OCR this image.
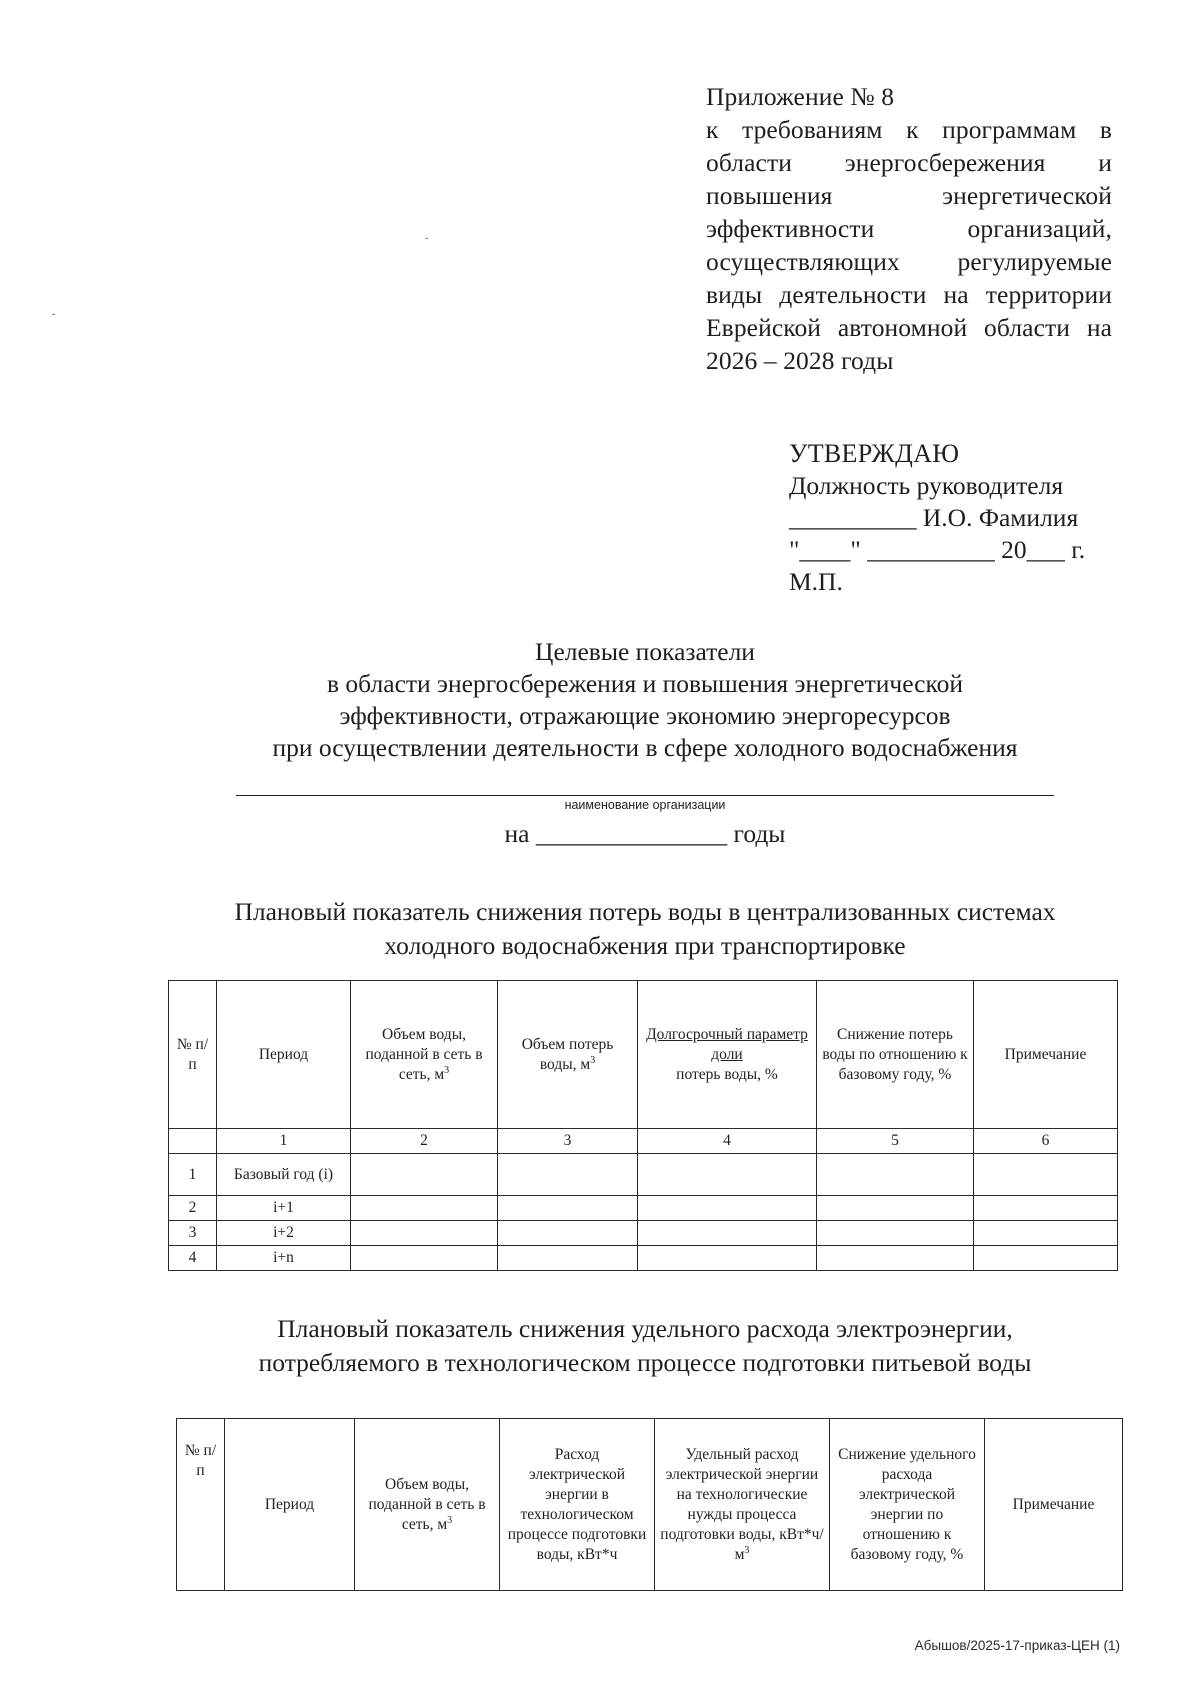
Приложение № 8
к требованиям к программам в области энергосбережения и повышения энергетической эффективности организаций, осуществляющих регулируемые виды деятельности на территории Еврейской автономной области на 2026 – 2028 годы
УТВЕРЖДАЮ
Должность руководителя
__________ И.О. Фамилия
"____" __________ 20___ г.
М.П.
Целевые показатели
в области энергосбережения и повышения энергетической
эффективности, отражающие экономию энергоресурсов
при осуществлении деятельности в сфере холодного водоснабжения
наименование организации
на _______________ годы
Плановый показатель снижения потерь воды в централизованных системах
холодного водоснабжения при транспортировке
№ п/п	Период	Объем воды, поданной в сеть в сеть, $м^3$	Объем потерь воды, $м^3$	Долгосрочный параметр доли
потерь воды, %	Снижение потерь воды по отношению к базовому году, %	Примечание
	1	2	3	4	5	6
1	Базовый год (i)					
2	i+1					
3	i+2					
4	i+n					
Плановый показатель снижения удельного расхода электроэнергии,
потребляемого в технологическом процессе подготовки питьевой воды
№ п/п	Период	Объем воды, поданной в сеть в сеть, $м^3$	Расход электрической энергии в технологическом процессе подготовки воды, кВт*ч	Удельный расход электрической энергии на технологические нужды процесса подготовки воды, $кВт*ч/м^3$	Снижение удельного расхода электрической энергии по отношению к базовому году, %	Примечание
Абышов/2025-17-приказ-ЦЕН (1)
